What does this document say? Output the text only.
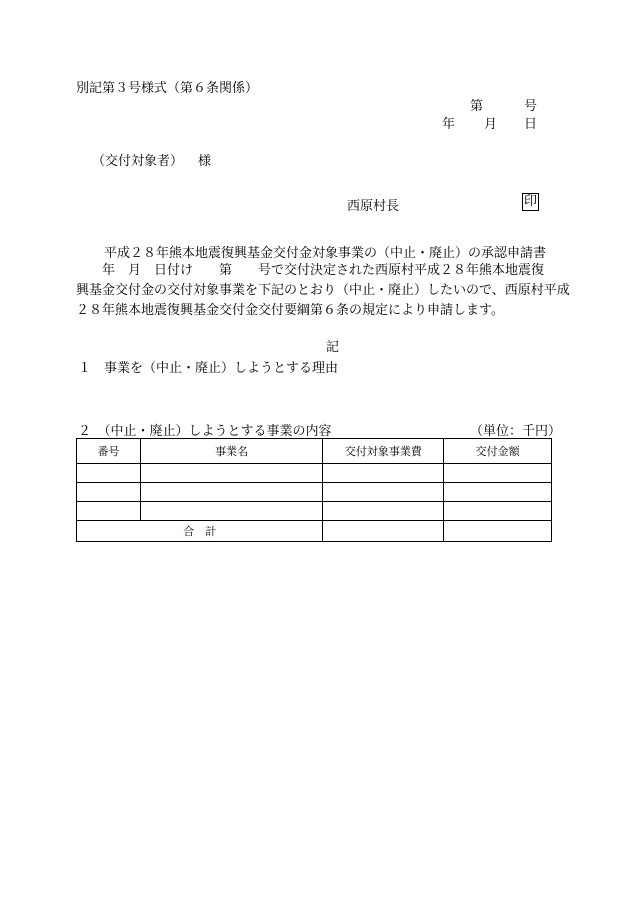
別記第３号様式（第６条関係）
第	号
年 月 日
（交付対象者） 様
西原村長	印
平成２８年熊本地震復興基金交付金対象事業の（中止・廃止）の承認申請書

　　年　月　日付け　　第　　号で交付決定された西原村平成２８年熊本地震復

興基金交付金の交付対象事業を下記のとおり（中止・廃止）したいので、西原村平成

２８年熊本地震復興基金交付金交付要綱第６条の規定により申請します。

記
１　事業を（中止・廃止）しようとする理由
２　（中止・廃止）しようとする事業の内容	（単位：千円）
番号	事業名	交付対象事業費	交付金額

合　計			
